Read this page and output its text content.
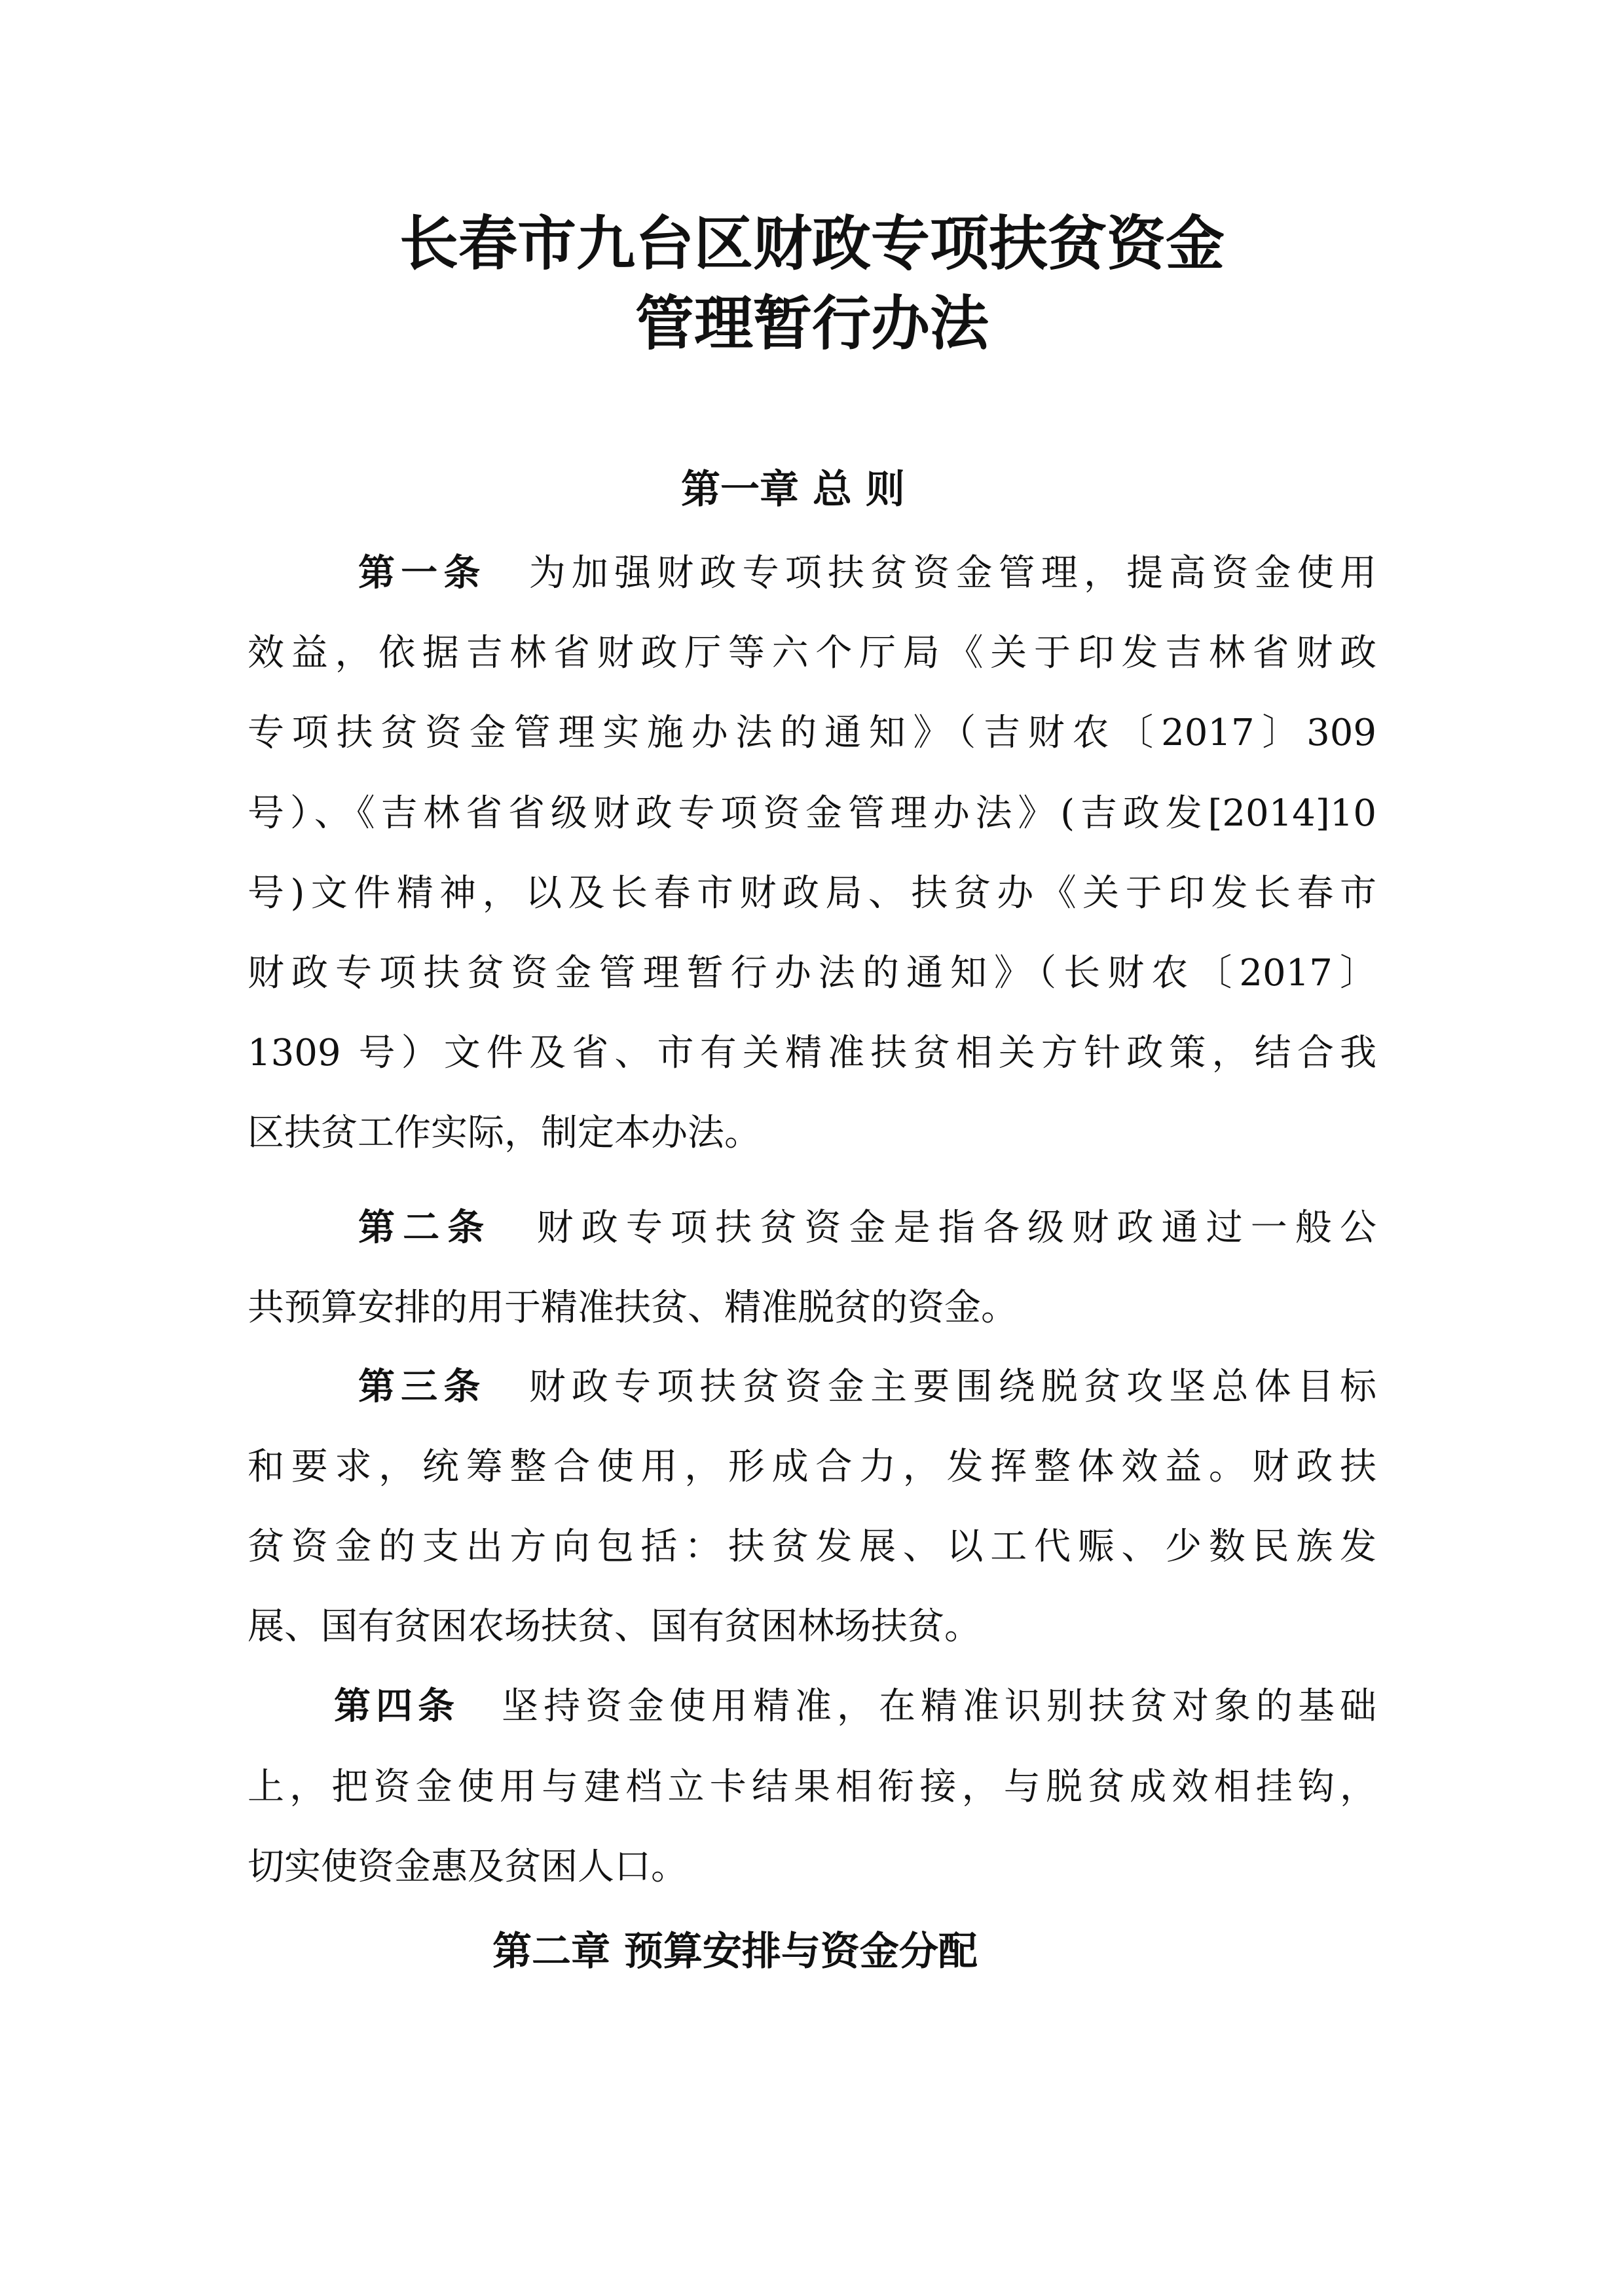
长春市九台区财政专项扶贫资金
管理暂行办法
第一章 总 则
第一条  为加强财政专项扶贫资金管理，提高资金使用
效益，依据吉林省财政厅等六个厅局《关于印发吉林省财政
专项扶贫资金管理实施办法的通知》（吉财农〔2017〕309
号）、《吉林省省级财政专项资金管理办法》(吉政发[2014]10
号)文件精神，以及长春市财政局、扶贫办《关于印发长春市
财政专项扶贫资金管理暂行办法的通知》（长财农〔2017〕
1309 号）文件及省、市有关精准扶贫相关方针政策，结合我
区扶贫工作实际，制定本办法。
第二条  财政专项扶贫资金是指各级财政通过一般公
共预算安排的用于精准扶贫、精准脱贫的资金。
第三条  财政专项扶贫资金主要围绕脱贫攻坚总体目标
和要求，统筹整合使用，形成合力，发挥整体效益。财政扶
贫资金的支出方向包括：扶贫发展、以工代赈、少数民族发
展、国有贫困农场扶贫、国有贫困林场扶贫。
第四条  坚持资金使用精准，在精准识别扶贫对象的基础
上，把资金使用与建档立卡结果相衔接，与脱贫成效相挂钩，
切实使资金惠及贫困人口。
第二章 预算安排与资金分配
